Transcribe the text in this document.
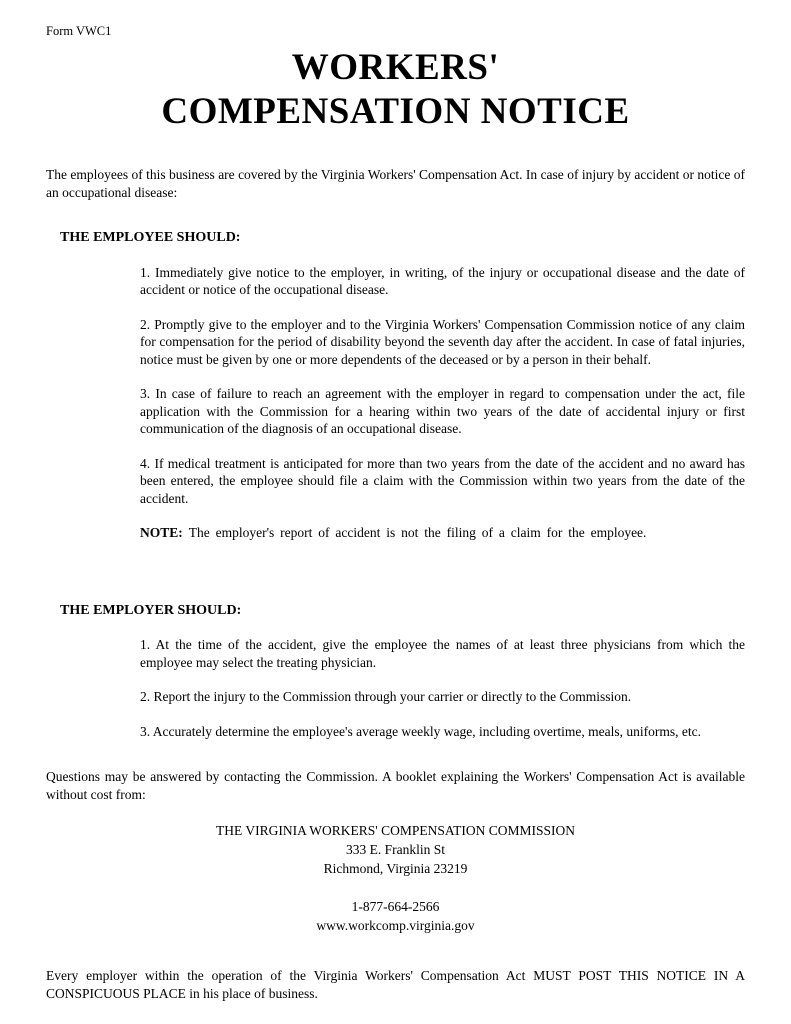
Form VWC1
WORKERS'
COMPENSATION NOTICE

The employees of this business are covered by the Virginia Workers' Compensation Act. In case of injury by accident or notice of an occupational disease:

THE EMPLOYEE SHOULD:

1. Immediately give notice to the employer, in writing, of the injury or occupational disease and the date of accident or notice of the occupational disease.

2. Promptly give to the employer and to the Virginia Workers' Compensation Commission notice of any claim for compensation for the period of disability beyond the seventh day after the accident. In case of fatal injuries, notice must be given by one or more dependents of the deceased or by a person in their behalf.

3. In case of failure to reach an agreement with the employer in regard to compensation under the act, file application with the Commission for a hearing within two years of the date of accidental injury or first communication of the diagnosis of an occupational disease.

4. If medical treatment is anticipated for more than two years from the date of the accident and no award has been entered, the employee should file a claim with the Commission within two years from the date of the accident.

NOTE: The employer's report of accident is not the filing of a claim for the employee.

THE EMPLOYER SHOULD:

1. At the time of the accident, give the employee the names of at least three physicians from which the employee may select the treating physician.

2. Report the injury to the Commission through your carrier or directly to the Commission.

3. Accurately determine the employee's average weekly wage, including overtime, meals, uniforms, etc.

Questions may be answered by contacting the Commission. A booklet explaining the Workers' Compensation Act is available without cost from:

THE VIRGINIA WORKERS' COMPENSATION COMMISSION
333 E. Franklin St
Richmond, Virginia 23219
1-877-664-2566
www.workcomp.virginia.gov

Every employer within the operation of the Virginia Workers' Compensation Act MUST POST THIS NOTICE IN A CONSPICUOUS PLACE in his place of business.
